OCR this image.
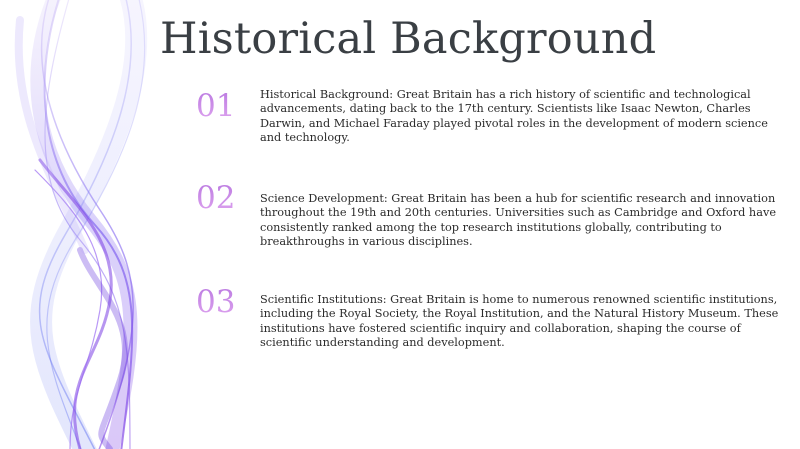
Historical Background
01	Historical Background: Great Britain has a rich history of scientific and technological advancements, dating back to the 17th century. Scientists like Isaac Newton, Charles Darwin, and Michael Faraday played pivotal roles in the development of modern science and technology.
02	Science Development: Great Britain has been a hub for scientific research and innovation throughout the 19th and 20th centuries. Universities such as Cambridge and Oxford have consistently ranked among the top research institutions globally, contributing to breakthroughs in various disciplines.
03	Scientific Institutions: Great Britain is home to numerous renowned scientific institutions, including the Royal Society, the Royal Institution, and the Natural History Museum. These institutions have fostered scientific inquiry and collaboration, shaping the course of scientific understanding and development.
